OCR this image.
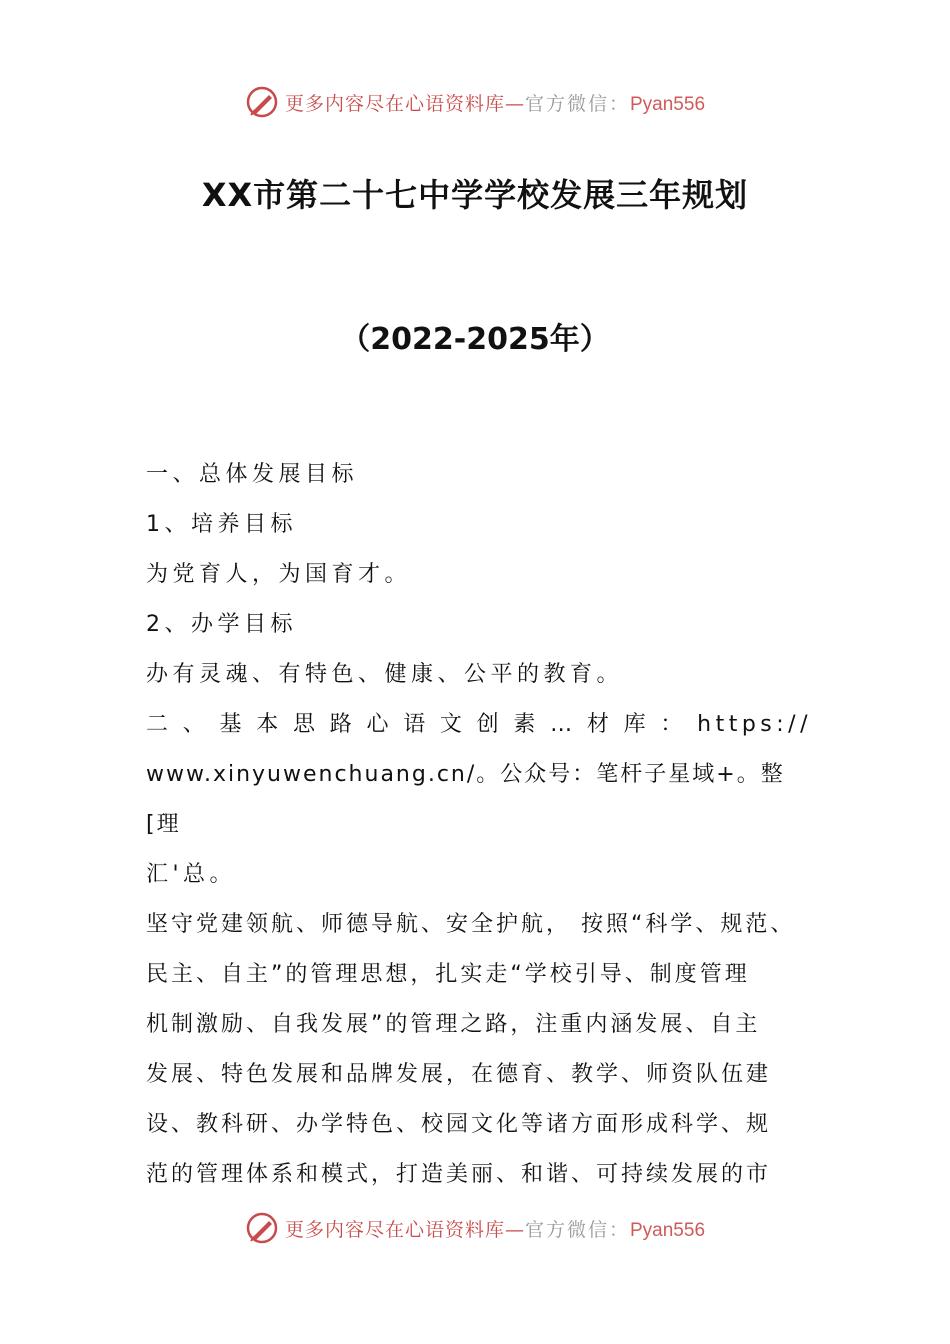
更多内容尽在心语资料库—官方微信：Pyan556
XX市第二十七中学学校发展三年规划
（2022-2025年）

一、总体发展目标

1、培养目标

为党育人，为国育才。

2、办学目标

办有灵魂、有特色、健康、公平的教育。

二、基本思路心语文创素…材库：https://

www.xinyuwenchuang.cn/。公众号：笔杆子星域+。整[理

汇'总。

坚守党建领航、师德导航、安全护航， 按照“科学、规范、

民主、自主”的管理思想，扎实走“学校引导、制度管理

机制激励、自我发展”的管理之路，注重内涵发展、自主

发展、特色发展和品牌发展，在德育、教学、师资队伍建

设、教科研、办学特色、校园文化等诸方面形成科学、规

范的管理体系和模式，打造美丽、和谐、可持续发展的市

更多内容尽在心语资料库—官方微信：Pyan556
